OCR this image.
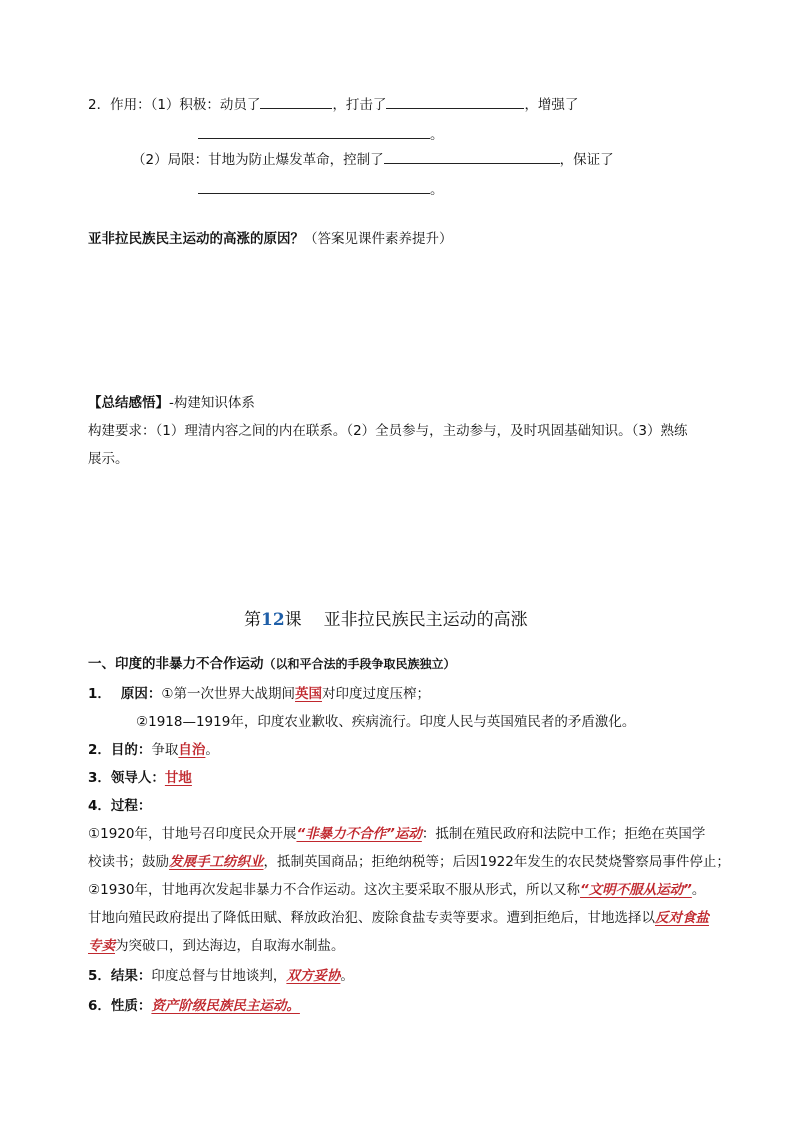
2．作用：（1）积极：动员了	，打击了	，增强了
。
（2）局限：甘地为防止爆发革命，控制了	，保证了
。
亚非拉民族民主运动的高涨的原因？（答案见课件素养提升）
【总结感悟】-构建知识体系
构建要求：（1）理清内容之间的内在联系。（2）全员参与，主动参与，及时巩固基础知识。（3）熟练
展示。
第12课 亚非拉民族民主运动的高涨
一、印度的非暴力不合作运动（以和平合法的手段争取民族独立）
1． 原因：①第一次世界大战期间英国对印度过度压榨；
②1918—1919年，印度农业歉收、疾病流行。印度人民与英国殖民者的矛盾激化。
2．目的：争取自治。
3．领导人：甘地
4．过程：
①1920年，甘地号召印度民众开展“非暴力不合作”运动：抵制在殖民政府和法院中工作；拒绝在英国学
校读书；鼓励发展手工纺织业，抵制英国商品；拒绝纳税等；后因1922年发生的农民焚烧警察局事件停止；
②1930年，甘地再次发起非暴力不合作运动。这次主要采取不服从形式，所以又称“文明不服从运动”。
甘地向殖民政府提出了降低田赋、释放政治犯、废除食盐专卖等要求。遭到拒绝后，甘地选择以反对食盐
专卖为突破口，到达海边，自取海水制盐。
5．结果：印度总督与甘地谈判，双方妥协。
6．性质：资产阶级民族民主运动。
